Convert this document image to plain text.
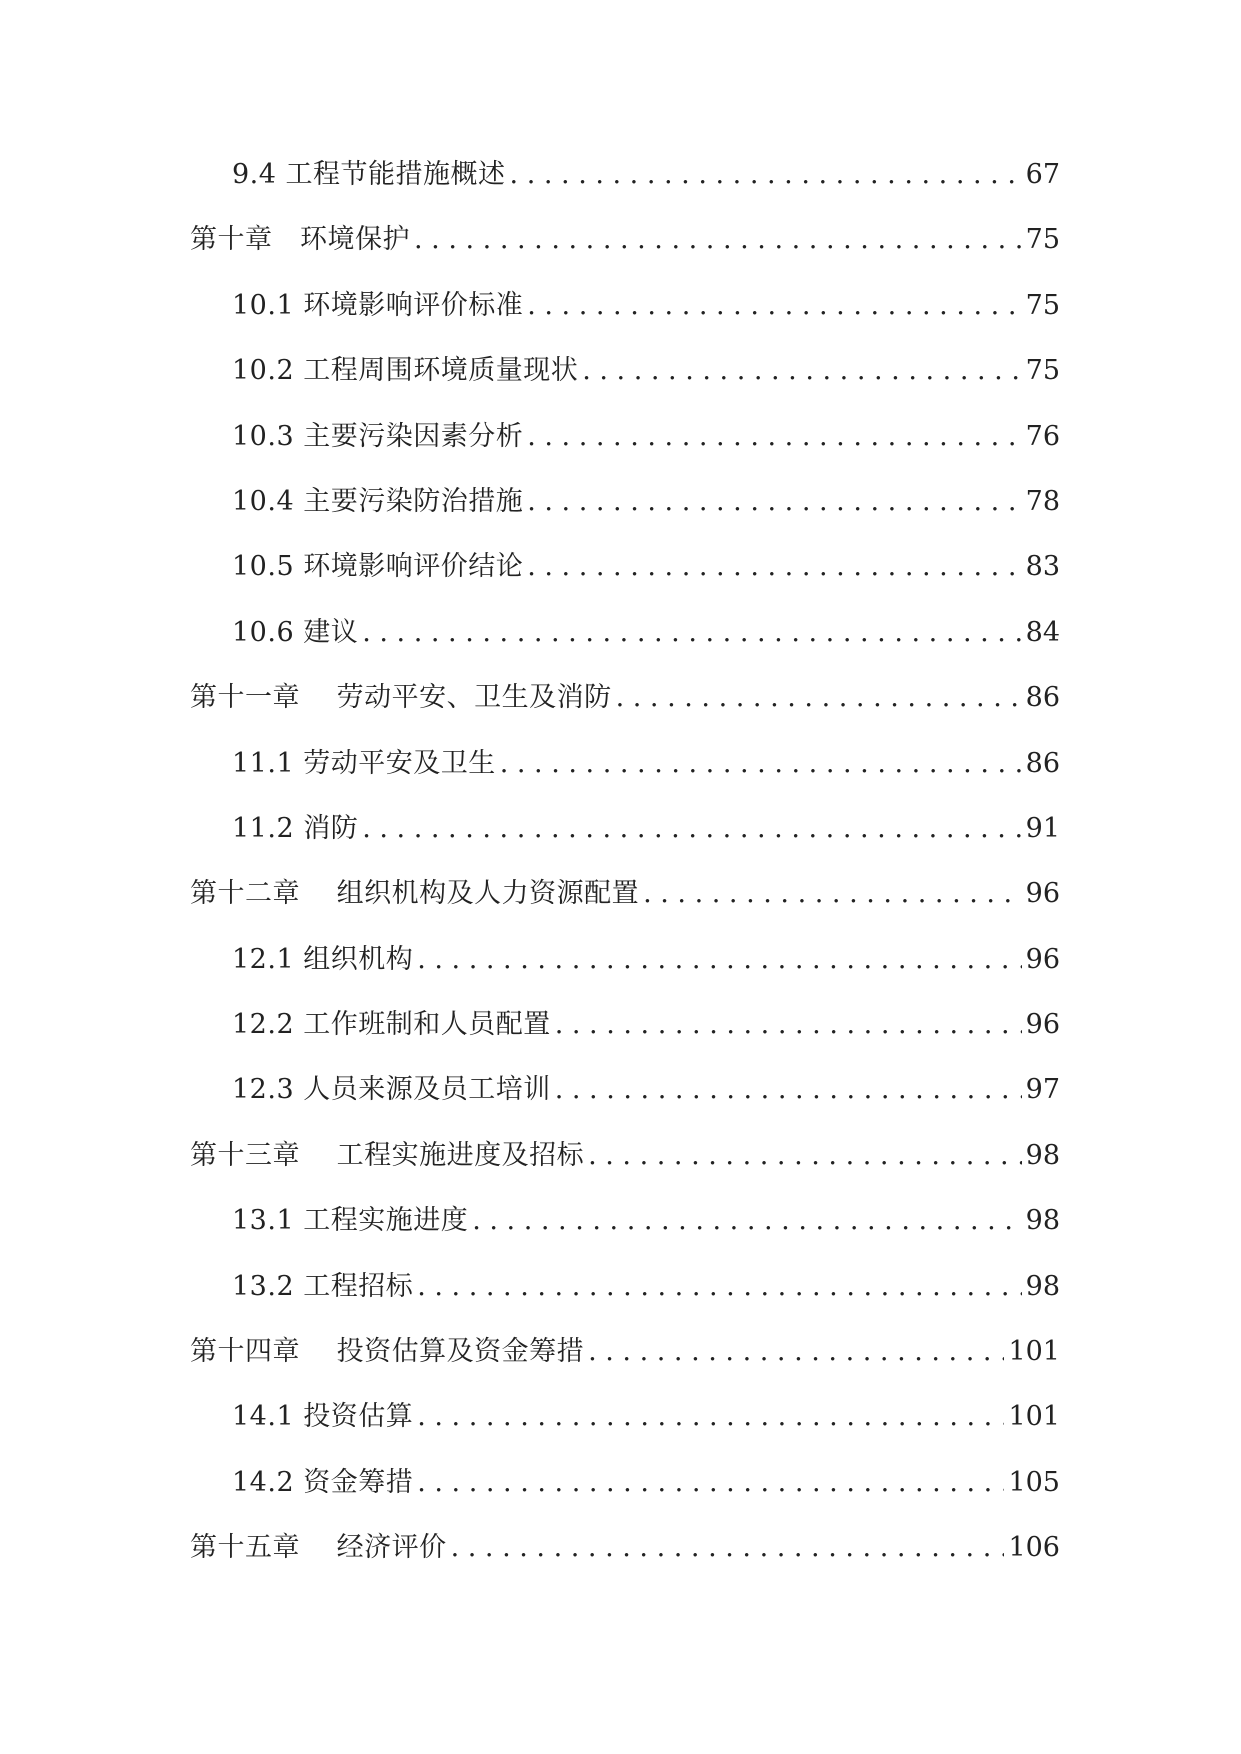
9.4 工程节能措施概述 . . .	67
第十章　环境保护 . . .	75
10.1 环境影响评价标准 . . .	75
10.2 工程周围环境质量现状 . . .	75
10.3 主要污染因素分析 . . .	76
10.4 主要污染防治措施 . . .	78
10.5 环境影响评价结论 . . .	83
10.6 建议 . . .	84
第十一章　 劳动平安、卫生及消防 . . .	86
11.1 劳动平安及卫生 . . .	86
11.2 消防 . . .	91
第十二章　 组织机构及人力资源配置 . . .	96
12.1 组织机构 . . .	96
12.2 工作班制和人员配置 . . .	96
12.3 人员来源及员工培训 . . .	97
第十三章　 工程实施进度及招标 . . .	98
13.1 工程实施进度 . . .	98
13.2 工程招标 . . .	98
第十四章　 投资估算及资金筹措 . . .	101
14.1 投资估算 . . .	101
14.2 资金筹措 . . .	105
第十五章　 经济评价 . . .	106
